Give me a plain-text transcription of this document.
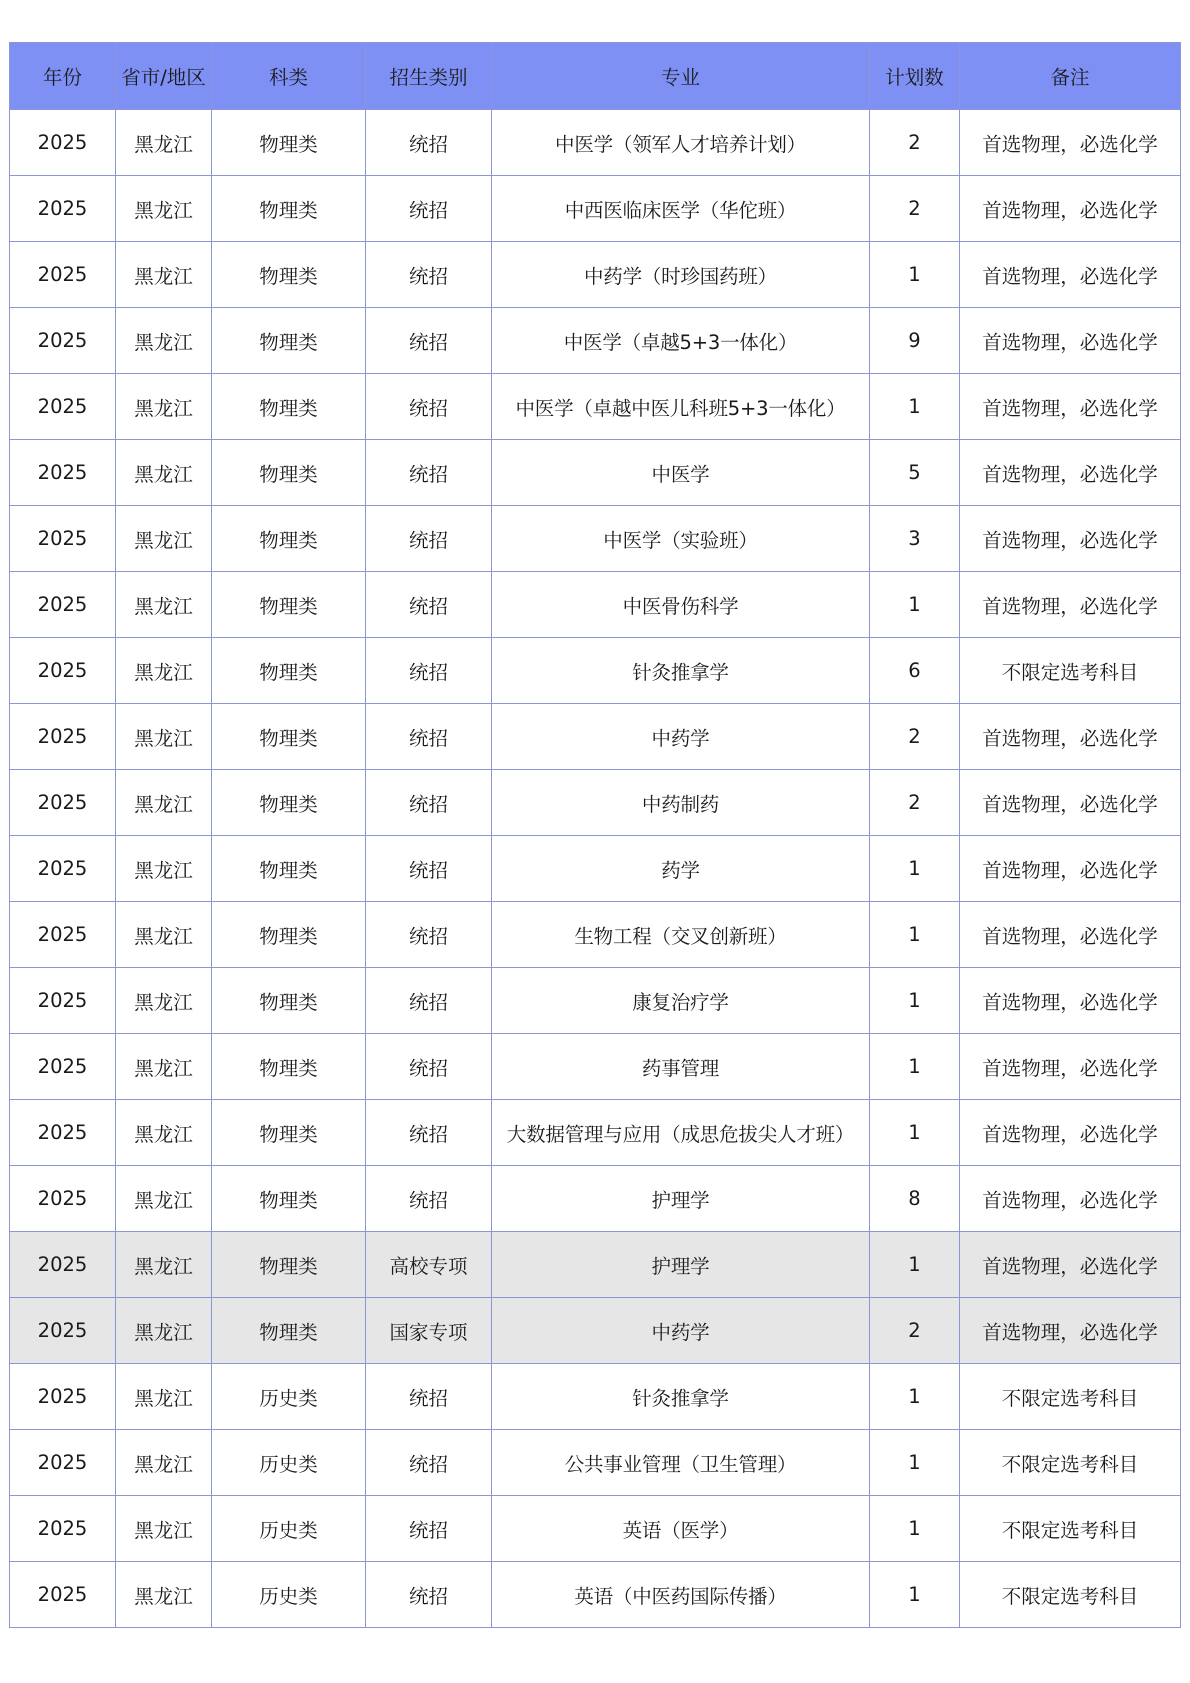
年份	省市/地区	科类	招生类别	专业	计划数	备注
2025	黑龙江	物理类	统招	中医学（领军人才培养计划）	2	首选物理，必选化学
2025	黑龙江	物理类	统招	中西医临床医学（华佗班）	2	首选物理，必选化学
2025	黑龙江	物理类	统招	中药学（时珍国药班）	1	首选物理，必选化学
2025	黑龙江	物理类	统招	中医学（卓越5+3一体化）	9	首选物理，必选化学
2025	黑龙江	物理类	统招	中医学（卓越中医儿科班5+3一体化）	1	首选物理，必选化学
2025	黑龙江	物理类	统招	中医学	5	首选物理，必选化学
2025	黑龙江	物理类	统招	中医学（实验班）	3	首选物理，必选化学
2025	黑龙江	物理类	统招	中医骨伤科学	1	首选物理，必选化学
2025	黑龙江	物理类	统招	针灸推拿学	6	不限定选考科目
2025	黑龙江	物理类	统招	中药学	2	首选物理，必选化学
2025	黑龙江	物理类	统招	中药制药	2	首选物理，必选化学
2025	黑龙江	物理类	统招	药学	1	首选物理，必选化学
2025	黑龙江	物理类	统招	生物工程（交叉创新班）	1	首选物理，必选化学
2025	黑龙江	物理类	统招	康复治疗学	1	首选物理，必选化学
2025	黑龙江	物理类	统招	药事管理	1	首选物理，必选化学
2025	黑龙江	物理类	统招	大数据管理与应用（成思危拔尖人才班）	1	首选物理，必选化学
2025	黑龙江	物理类	统招	护理学	8	首选物理，必选化学
2025	黑龙江	物理类	高校专项	护理学	1	首选物理，必选化学
2025	黑龙江	物理类	国家专项	中药学	2	首选物理，必选化学
2025	黑龙江	历史类	统招	针灸推拿学	1	不限定选考科目
2025	黑龙江	历史类	统招	公共事业管理（卫生管理）	1	不限定选考科目
2025	黑龙江	历史类	统招	英语（医学）	1	不限定选考科目
2025	黑龙江	历史类	统招	英语（中医药国际传播）	1	不限定选考科目
